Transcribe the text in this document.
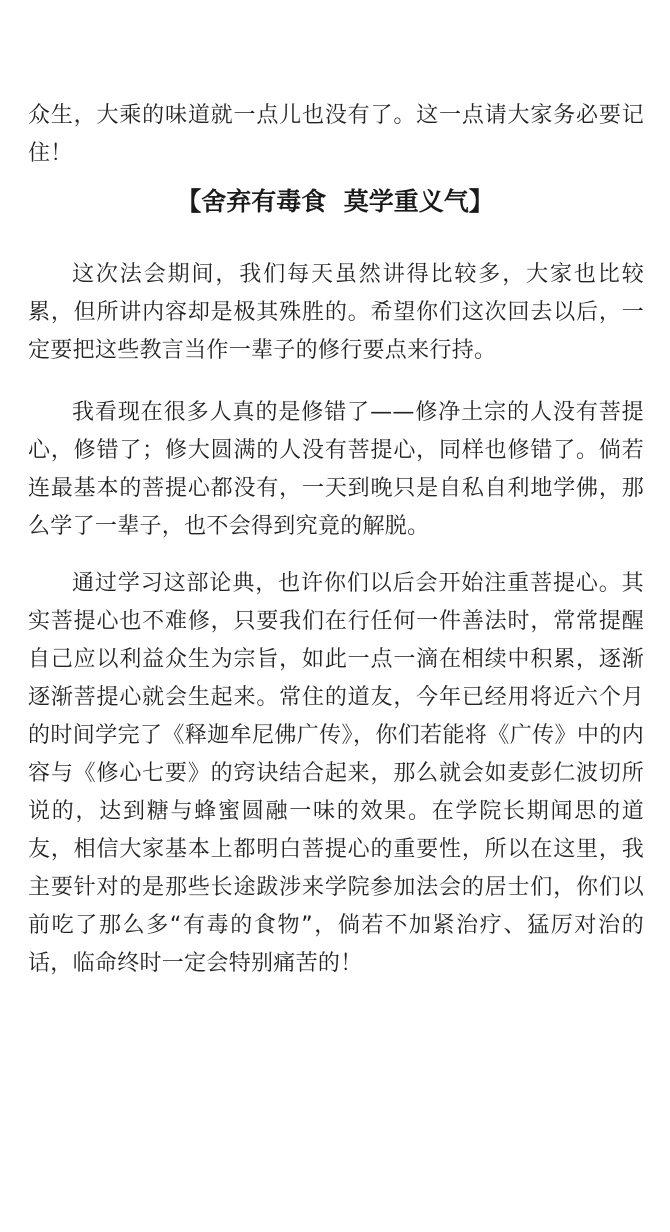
众生，大乘的味道就一点儿也没有了。这一点请大家务必要记住！

【舍弃有毒食  莫学重义气】

这次法会期间，我们每天虽然讲得比较多，大家也比较累，但所讲内容却是极其殊胜的。希望你们这次回去以后，一定要把这些教言当作一辈子的修行要点来行持。

我看现在很多人真的是修错了——修净土宗的人没有菩提心，修错了；修大圆满的人没有菩提心，同样也修错了。倘若连最基本的菩提心都没有，一天到晚只是自私自利地学佛，那么学了一辈子，也不会得到究竟的解脱。

通过学习这部论典，也许你们以后会开始注重菩提心。其实菩提心也不难修，只要我们在行任何一件善法时，常常提醒自己应以利益众生为宗旨，如此一点一滴在相续中积累，逐渐逐渐菩提心就会生起来。常住的道友，今年已经用将近六个月的时间学完了《释迦牟尼佛广传》，你们若能将《广传》中的内容与《修心七要》的窍诀结合起来，那么就会如麦彭仁波切所说的，达到糖与蜂蜜圆融一味的效果。在学院长期闻思的道友，相信大家基本上都明白菩提心的重要性，所以在这里，我主要针对的是那些长途跋涉来学院参加法会的居士们，你们以前吃了那么多“有毒的食物”，倘若不加紧治疗、猛厉对治的话，临命终时一定会特别痛苦的！
